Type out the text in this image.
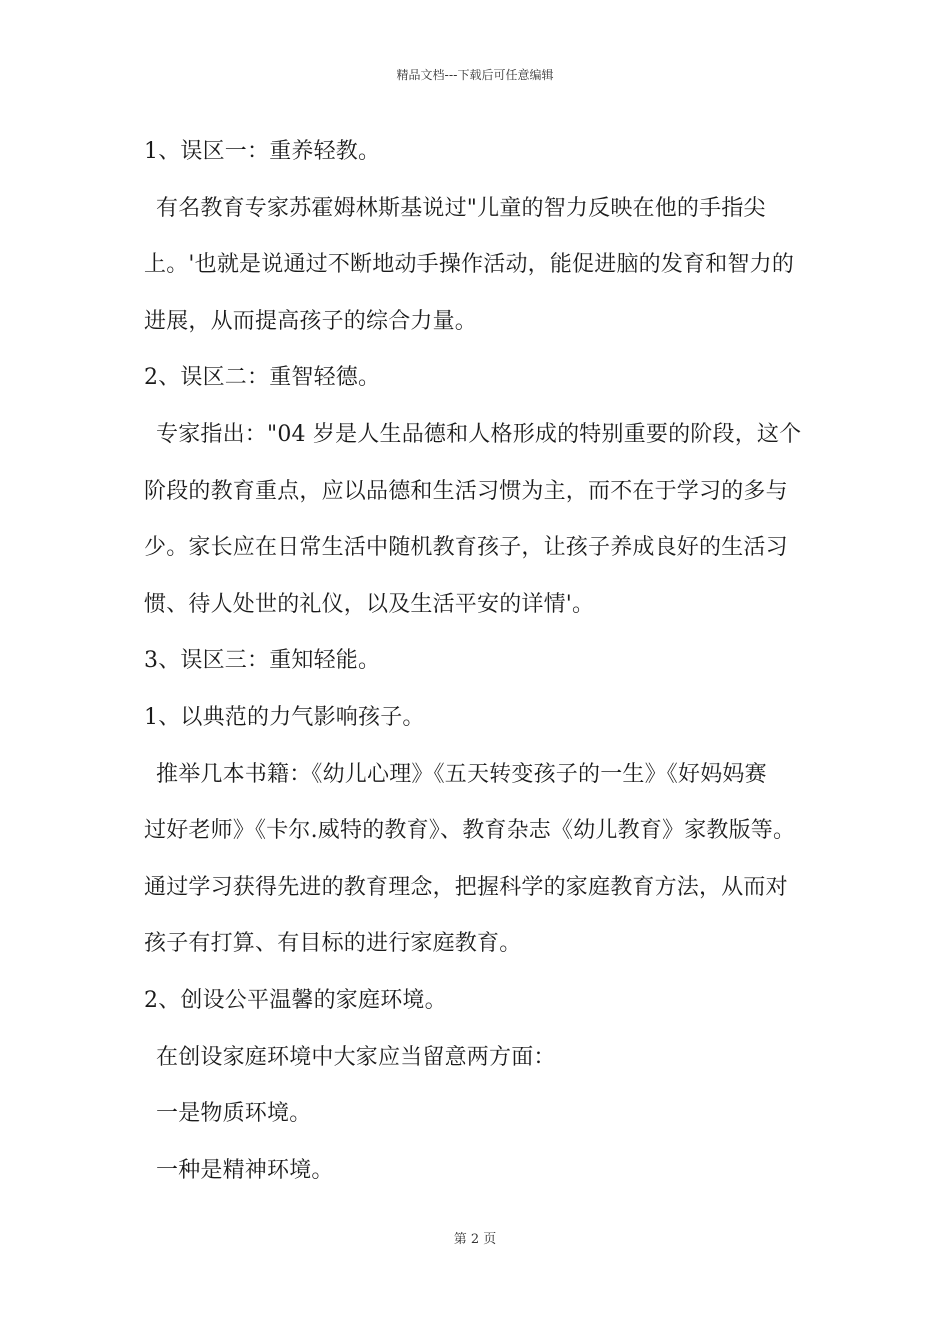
精品文档---下载后可任意编辑
1、误区一：重养轻教。
有名教育专家苏霍姆林斯基说过"儿童的智力反映在他的手指尖
上。'也就是说通过不断地动手操作活动，能促进脑的发育和智力的
进展，从而提高孩子的综合力量。
2、误区二：重智轻德。
专家指出："04 岁是人生品德和人格形成的特别重要的阶段，这个
阶段的教育重点，应以品德和生活习惯为主，而不在于学习的多与
少。家长应在日常生活中随机教育孩子，让孩子养成良好的生活习
惯、待人处世的礼仪，以及生活平安的详情'。
3、误区三：重知轻能。
1、以典范的力气影响孩子。
推举几本书籍：《幼儿心理》《五天转变孩子的一生》《好妈妈赛
过好老师》《卡尔.威特的教育》、教育杂志《幼儿教育》家教版等。
通过学习获得先进的教育理念，把握科学的家庭教育方法，从而对
孩子有打算、有目标的进行家庭教育。
2、创设公平温馨的家庭环境。
在创设家庭环境中大家应当留意两方面：
一是物质环境。
一种是精神环境。
第 2 页
